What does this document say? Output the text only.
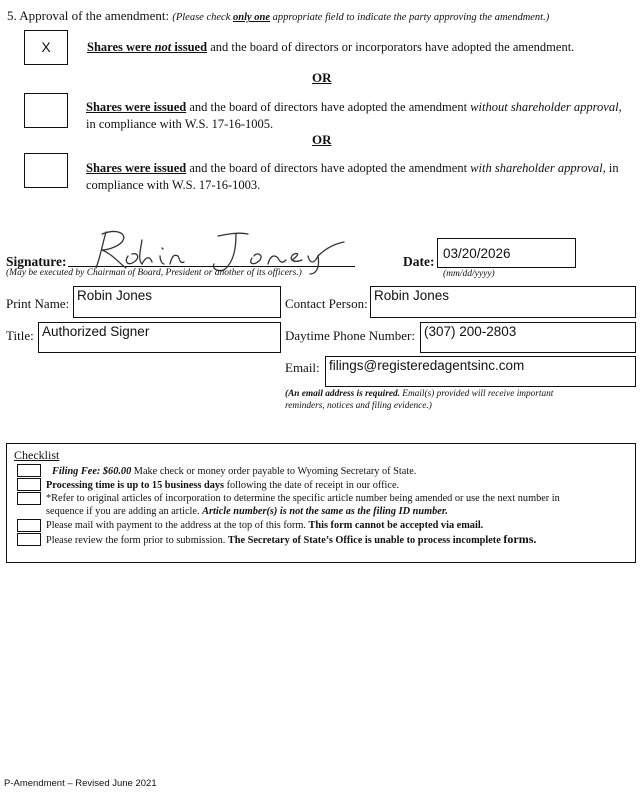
5. Approval of the amendment: (Please check only one appropriate field to indicate the party approving the amendment.)
X	Shares were not issued and the board of directors or incorporators have adopted the amendment.
OR
Shares were issued and the board of directors have adopted the amendment without shareholder approval, in compliance with W.S. 17-16-1005.
OR
Shares were issued and the board of directors have adopted the amendment with shareholder approval, in compliance with W.S. 17-16-1003.
Signature:
(May be executed by Chairman of Board, President or another of its officers.)
Date:
03/20/2026
(mm/dd/yyyy)
Print Name:
Robin Jones
Contact Person:
Robin Jones
Title: Authorized Signer	Daytime Phone Number: (307) 200-2803
Email: filings@registeredagentsinc.com
(An email address is required. Email(s) provided will receive important
reminders, notices and filing evidence.)
Checklist
Filing Fee: $60.00 Make check or money order payable to Wyoming Secretary of State.
Processing time is up to 15 business days following the date of receipt in our office.
*Refer to original articles of incorporation to determine the specific article number being amended or use the next number in
sequence if you are adding an article. Article number(s) is not the same as the filing ID number.
Please mail with payment to the address at the top of this form. This form cannot be accepted via email.
Please review the form prior to submission. The Secretary of State’s Office is unable to process incomplete forms.
P-Amendment – Revised June 2021
